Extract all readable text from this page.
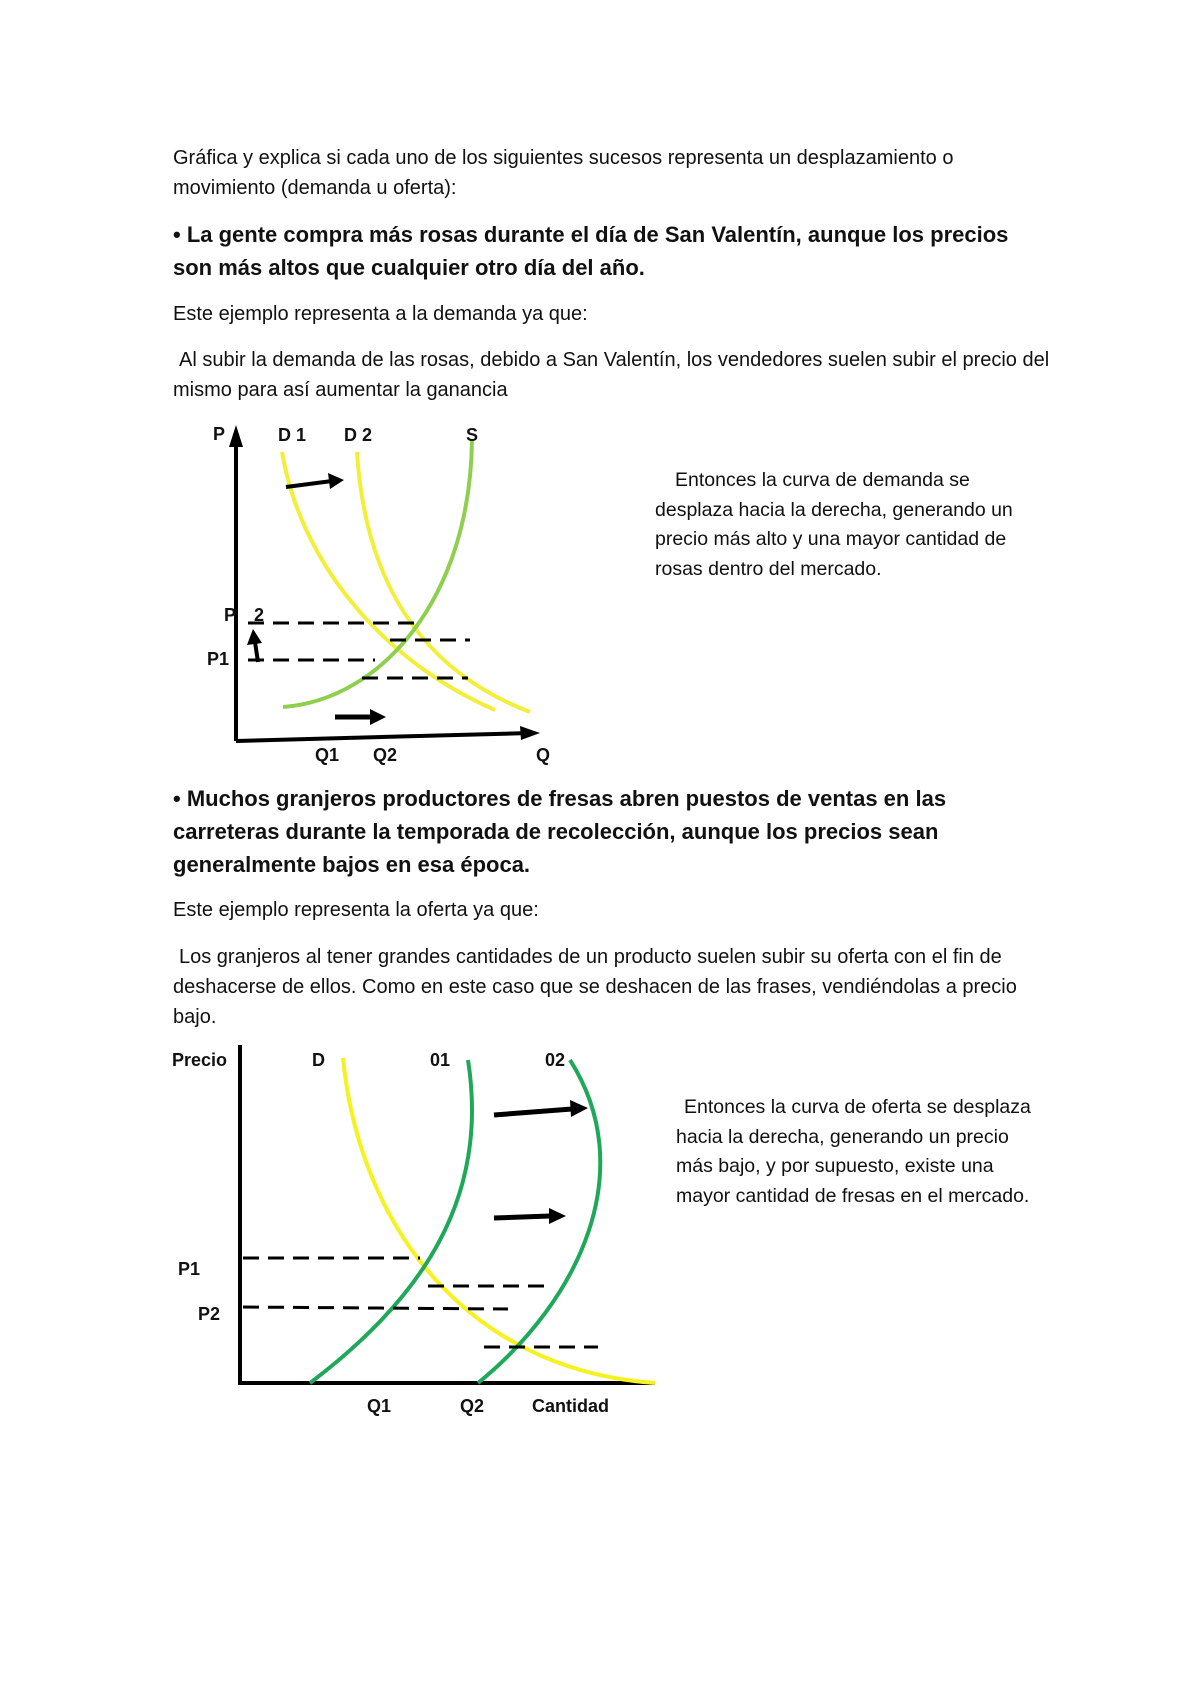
Gráfica y explica si cada uno de los siguientes sucesos representa un desplazamiento o movimiento (demanda u oferta):

• La gente compra más rosas durante el día de San Valentín, aunque los precios son más altos que cualquier otro día del año.

Este ejemplo representa a la demanda ya que:

Al subir la demanda de las rosas, debido a San Valentín, los vendedores suelen subir el precio del mismo para así aumentar la ganancia

P	D 1 D 2	S
P 2
P1
Q1 Q2	Q

Entonces la curva de demanda se desplaza hacia la derecha, generando un precio más alto y una mayor cantidad de rosas dentro del mercado.

• Muchos granjeros productores de fresas abren puestos de ventas en las carreteras durante la temporada de recolección, aunque los precios sean generalmente bajos en esa época.

Este ejemplo representa la oferta ya que:

Los granjeros al tener grandes cantidades de un producto suelen subir su oferta con el fin de deshacerse de ellos. Como en este caso que se deshacen de las frases, vendiéndolas a precio bajo.

Precio	D	01	02
P1
P2
Q1	Q2	Cantidad

Entonces la curva de oferta se desplaza hacia la derecha, generando un precio más bajo, y por supuesto, existe una mayor cantidad de fresas en el mercado.
